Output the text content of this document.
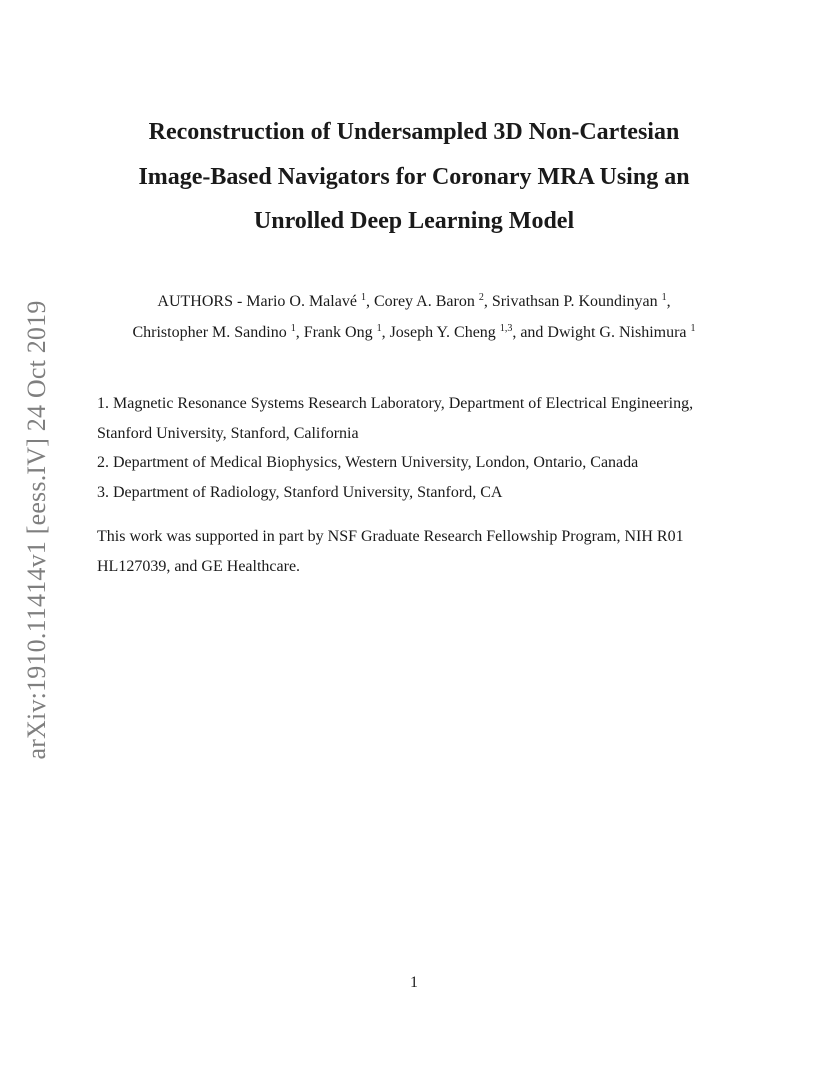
arXiv:1910.11414v1 [eess.IV] 24 Oct 2019
Reconstruction of Undersampled 3D Non-Cartesian
Image-Based Navigators for Coronary MRA Using an
Unrolled Deep Learning Model
AUTHORS - Mario O. Malavé $^1$, Corey A. Baron $^2$, Srivathsan P. Koundinyan $^1$,
Christopher M. Sandino $^1$, Frank Ong $^1$, Joseph Y. Cheng $^{1,3}$, and Dwight G. Nishimura $^1$
1. Magnetic Resonance Systems Research Laboratory, Department of Electrical Engineering,
Stanford University, Stanford, California
2. Department of Medical Biophysics, Western University, London, Ontario, Canada
3. Department of Radiology, Stanford University, Stanford, CA
This work was supported in part by NSF Graduate Research Fellowship Program, NIH R01
HL127039, and GE Healthcare.
1
